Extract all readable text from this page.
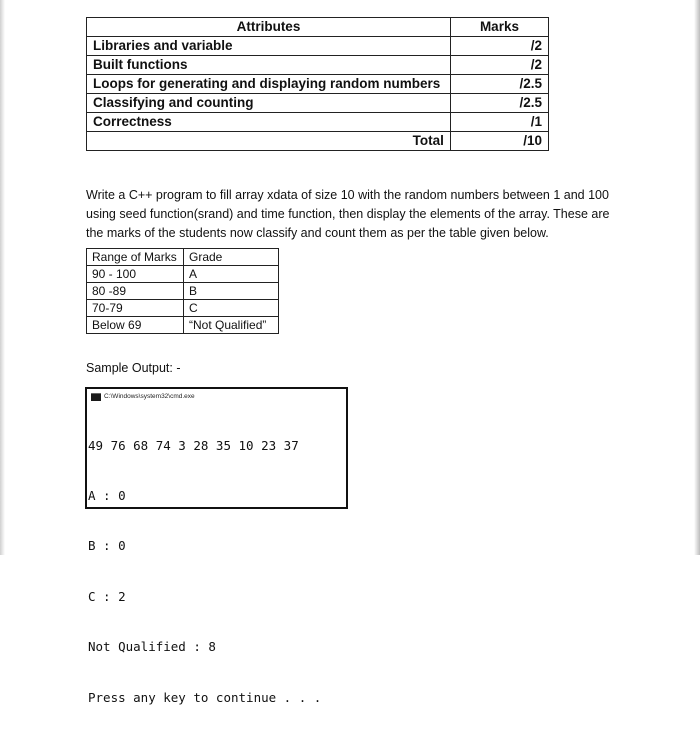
Attributes	Marks
Libraries and variable	/2
Built functions	/2
Loops for generating and displaying random numbers	/2.5
Classifying and counting	/2.5
Correctness	/1
Total	/10

Write a C++ program to fill array xdata of size 10 with the random numbers between 1 and 100 using seed function(srand) and time function, then display the elements of the array. These are the marks of the students now classify and count them as per the table given below.

Range of Marks	Grade
90 - 100	A
80 -89	B
70-79	C
Below 69	“Not Qualified”
Sample Output: -
C:\Windows\system32\cmd.exe

49 76 68 74 3 28 35 10 23 37

A : 0

B : 0

C : 2

Not Qualified : 8

Press any key to continue . . .
